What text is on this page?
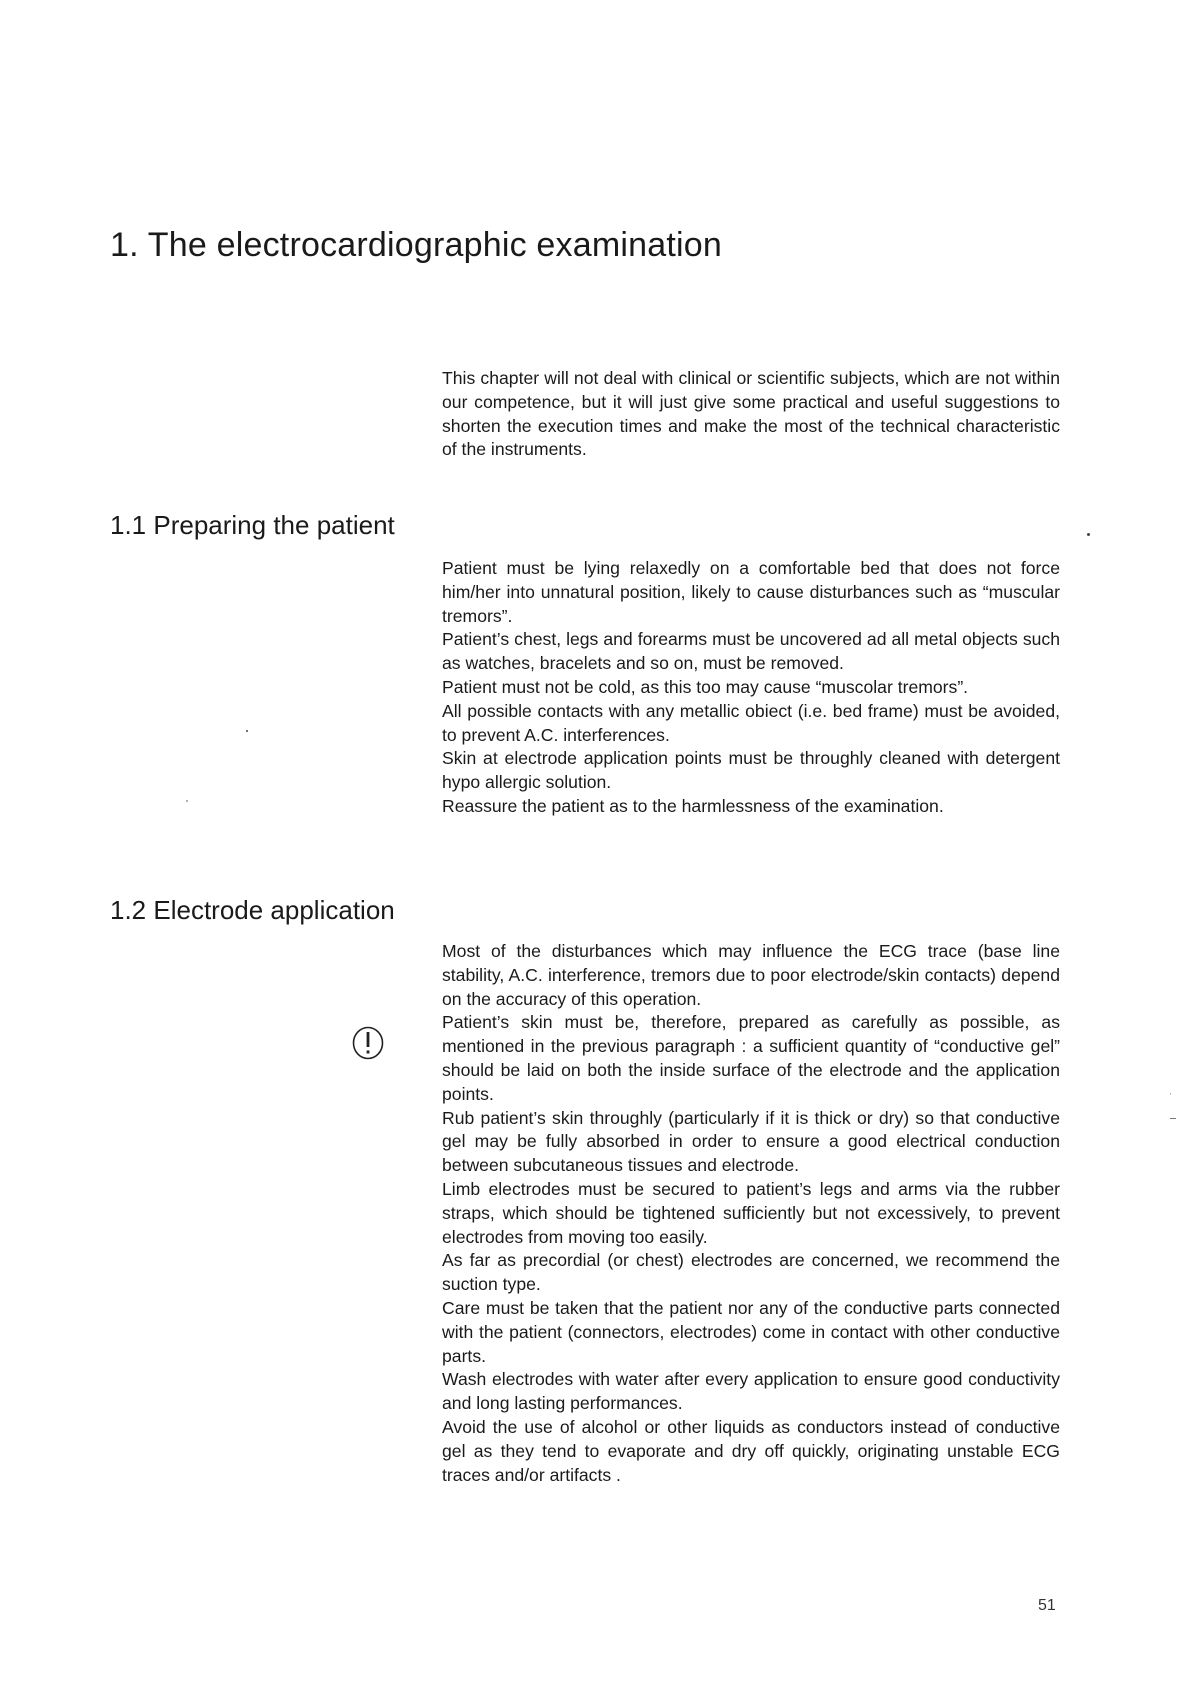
1. The electrocardiographic examination

This chapter will not deal with clinical or scientific subjects, which are not within our competence, but it will just give some practical and useful suggestions to shorten the execution times and make the most of the technical characteristic of the instruments.

1.1 Preparing the patient

Patient must be lying relaxedly on a comfortable bed that does not force him/her into unnatural position, likely to cause disturbances such as “muscular tremors”.

Patient’s chest, legs and forearms must be uncovered ad all metal objects such as watches, bracelets and so on, must be removed.

Patient must not be cold, as this too may cause “muscolar tremors”.

All possible contacts with any metallic obiect (i.e. bed frame) must be avoided, to prevent A.C. interferences.

Skin at electrode application points must be throughly cleaned with detergent hypo allergic solution.

Reassure the patient as to the harmlessness of the examination.

1.2 Electrode application

Most of the disturbances which may influence the ECG trace (base line stability, A.C. interference, tremors due to poor electrode/skin contacts) depend on the accuracy of this operation.

Patient’s skin must be, therefore, prepared as carefully as possible, as mentioned in the previous paragraph : a sufficient quantity of “conductive gel” should be laid on both the inside surface of the electrode and the application points.

Rub patient’s skin throughly (particularly if it is thick or dry) so that conductive gel may be fully absorbed in order to ensure a good electrical conduction between subcutaneous tissues and electrode.

Limb electrodes must be secured to patient’s legs and arms via the rubber straps, which should be tightened sufficiently but not excessively, to prevent electrodes from moving too easily.

As far as precordial (or chest) electrodes are concerned, we recommend the suction type.

Care must be taken that the patient nor any of the conductive parts connected with the patient (connectors, electrodes) come in contact with other conductive parts.

Wash electrodes with water after every application to ensure good conductivity and long lasting performances.

Avoid the use of alcohol or other liquids as conductors instead of conductive gel as they tend to evaporate and dry off quickly, originating unstable ECG traces and/or artifacts .

51
